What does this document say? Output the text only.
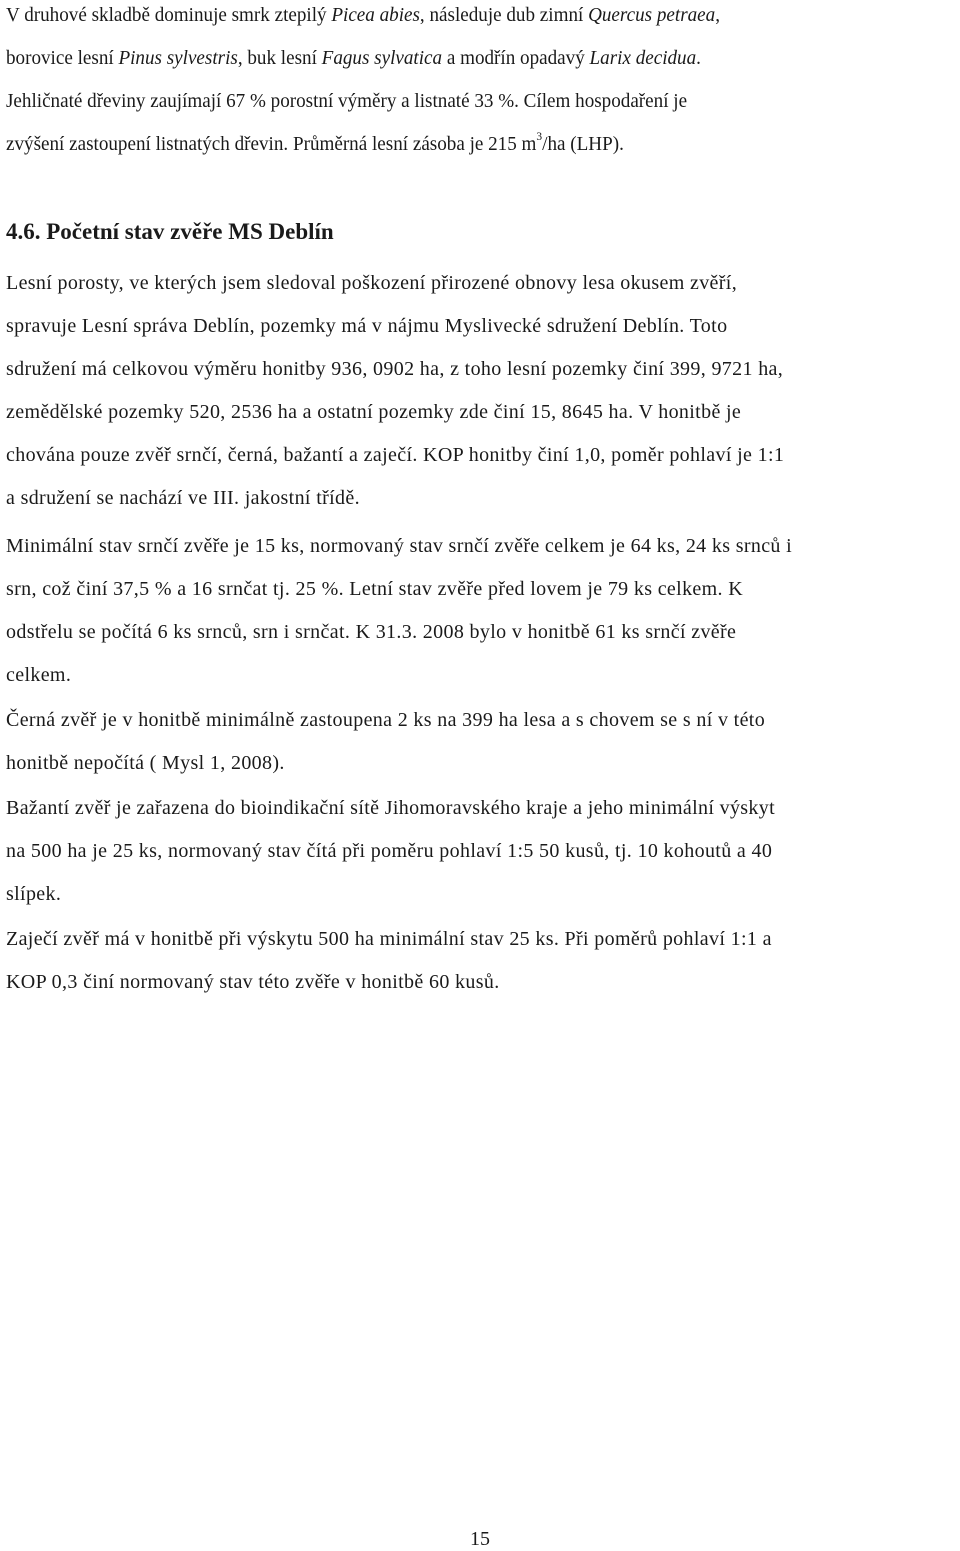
V druhové skladbě dominuje smrk ztepilý Picea abies, následuje dub zimní Quercus petraea,

borovice lesní Pinus sylvestris, buk lesní Fagus sylvatica a modřín opadavý Larix decidua.

Jehličnaté dřeviny zaujímají 67 % porostní výměry a listnaté 33 %. Cílem hospodaření je

zvýšení zastoupení listnatých dřevin. Průměrná lesní zásoba je 215 $m^3/ha$ (LHP).

4.6. Početní stav zvěře MS Deblín

Lesní porosty, ve kterých jsem sledoval poškození přirozené obnovy lesa okusem zvěří,

spravuje Lesní správa Deblín, pozemky má v nájmu Myslivecké sdružení Deblín. Toto

sdružení má celkovou výměru honitby 936, 0902 ha, z toho lesní pozemky činí 399, 9721 ha,

zemědělské pozemky 520, 2536 ha a ostatní pozemky zde činí 15, 8645 ha. V honitbě je

chována pouze zvěř srnčí, černá, bažantí a zaječí. KOP honitby činí 1,0, poměr pohlaví je 1:1

a sdružení se nachází ve III. jakostní třídě.

Minimální stav srnčí zvěře je 15 ks, normovaný stav srnčí zvěře celkem je 64 ks, 24 ks srnců i

srn, což činí 37,5 % a 16 srnčat tj. 25 %. Letní stav zvěře před lovem je 79 ks celkem. K

odstřelu se počítá 6 ks srnců, srn i srnčat. K 31.3. 2008 bylo v honitbě 61 ks srnčí zvěře

celkem.

Černá zvěř je v honitbě minimálně zastoupena 2 ks na 399 ha lesa a s chovem se s ní v této

honitbě nepočítá ( Mysl 1, 2008).

Bažantí zvěř je zařazena do bioindikační sítě Jihomoravského kraje a jeho minimální výskyt

na 500 ha je 25 ks, normovaný stav čítá při poměru pohlaví 1:5 50 kusů, tj. 10 kohoutů a 40

slípek.

Zaječí zvěř má v honitbě při výskytu 500 ha minimální stav 25 ks. Při poměrů pohlaví 1:1 a

KOP 0,3 činí normovaný stav této zvěře v honitbě 60 kusů.

15
